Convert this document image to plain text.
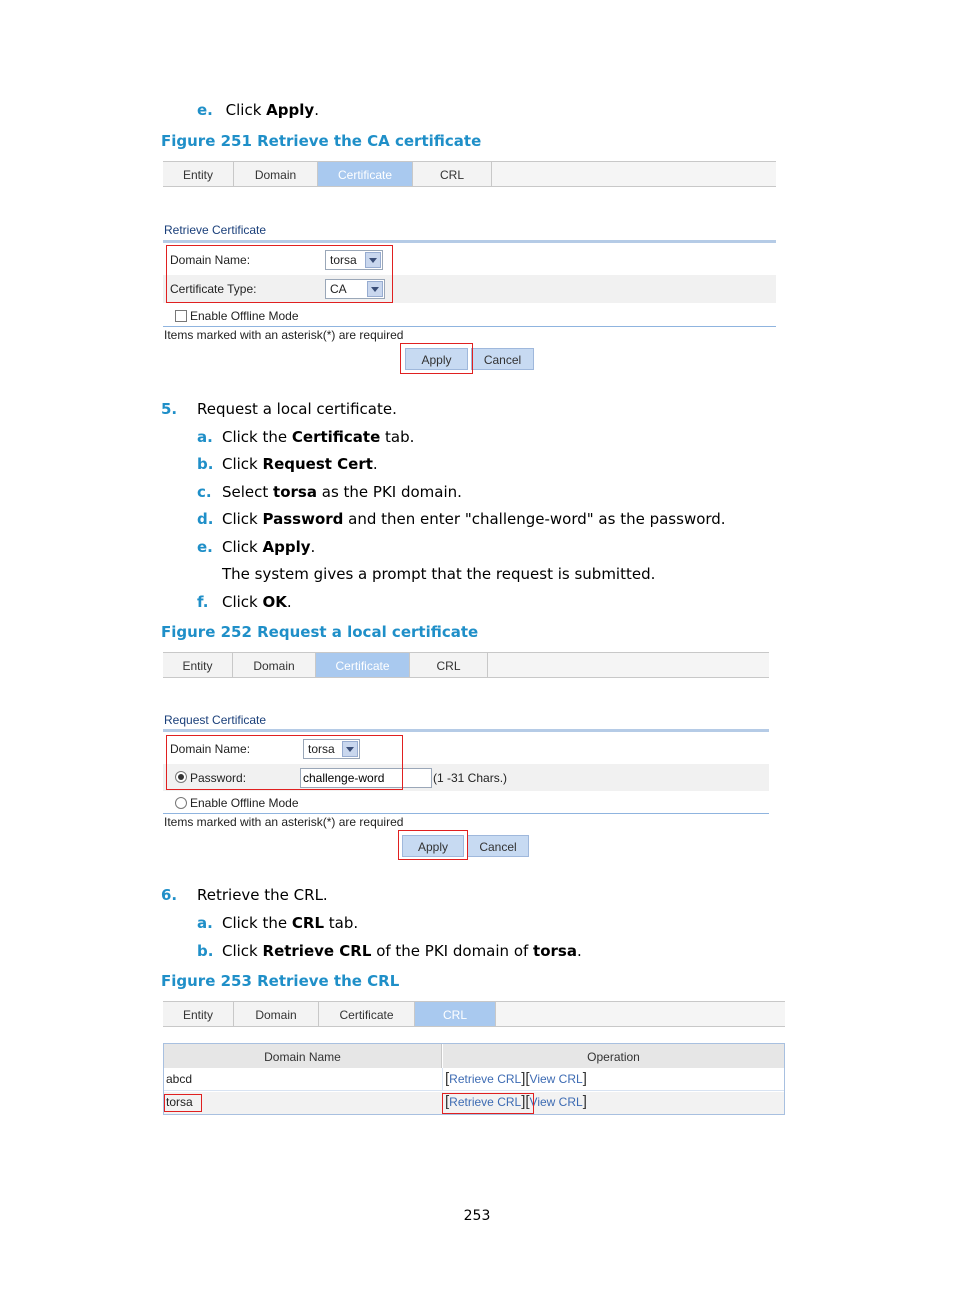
e. Click Apply.
Figure 251 Retrieve the CA certificate
Entity	Domain	Certificate	CRL
Retrieve Certificate
Domain Name:	torsa
Certificate Type:	CA
Enable Offline Mode
Items marked with an asterisk(*) are required
Apply	Cancel
5. Request a local certificate.
a. Click the Certificate tab.
b. Click Request Cert.
c. Select torsa as the PKI domain.
d. Click Password and then enter "challenge-word" as the password.
e. Click Apply.
The system gives a prompt that the request is submitted.
f. Click OK.
Figure 252 Request a local certificate
Entity	Domain	Certificate	CRL
Request Certificate
Domain Name:	torsa
Password:	challenge-word	(1 -31 Chars.)
Enable Offline Mode
Items marked with an asterisk(*) are required
Apply	Cancel
6. Retrieve the CRL.
a. Click the CRL tab.
b. Click Retrieve CRL of the PKI domain of torsa.
Figure 253 Retrieve the CRL
Entity	Domain	Certificate	CRL
Domain Name	Operation
abcd	[Retrieve CRL][View CRL]
torsa	[Retrieve CRL][View CRL]
253
